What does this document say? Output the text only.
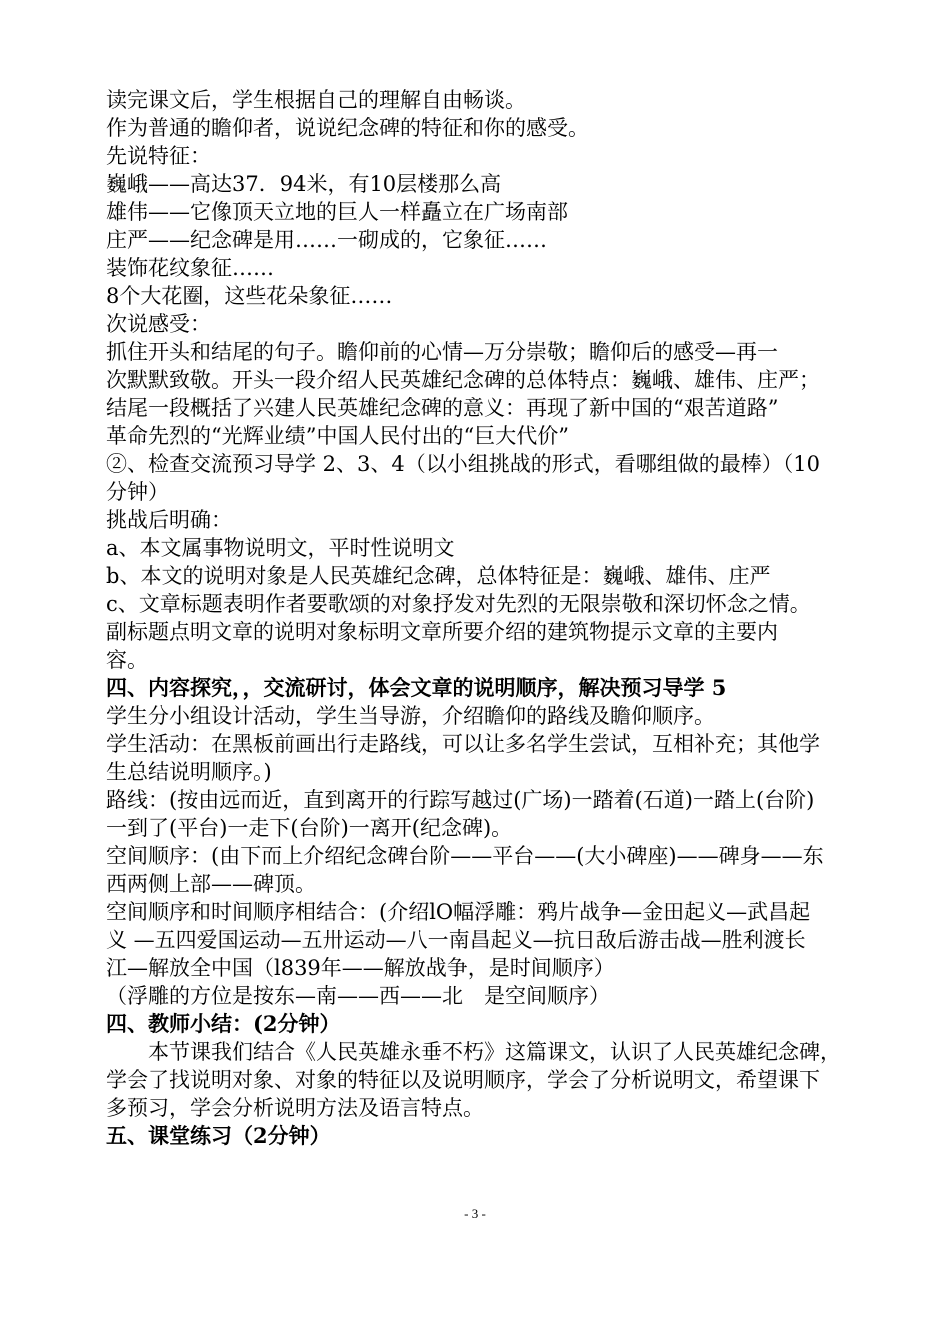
读完课文后，学生根据自己的理解自由畅谈。
作为普通的瞻仰者，说说纪念碑的特征和你的感受。
先说特征：
巍峨——高达37．94米，有10层楼那么高
雄伟——它像顶天立地的巨人一样矗立在广场南部
庄严——纪念碑是用……一砌成的，它象征……
装饰花纹象征……
8个大花圈，这些花朵象征……
次说感受：
抓住开头和结尾的句子。瞻仰前的心情—万分崇敬；瞻仰后的感受—再一
次默默致敬。开头一段介绍人民英雄纪念碑的总体特点：巍峨、雄伟、庄严；
结尾一段概括了兴建人民英雄纪念碑的意义：再现了新中国的“艰苦道路”
革命先烈的“光辉业绩”中国人民付出的“巨大代价”
②、检查交流预习导学 2、3、4（以小组挑战的形式，看哪组做的最棒）（10
分钟）
挑战后明确：
a、本文属事物说明文，平时性说明文
b、本文的说明对象是人民英雄纪念碑，总体特征是：巍峨、雄伟、庄严
c、文章标题表明作者要歌颂的对象抒发对先烈的无限崇敬和深切怀念之情。
副标题点明文章的说明对象标明文章所要介绍的建筑物提示文章的主要内
容。
四、内容探究，，交流研讨，体会文章的说明顺序，解决预习导学 5
学生分小组设计活动，学生当导游，介绍瞻仰的路线及瞻仰顺序。
学生活动：在黑板前画出行走路线，可以让多名学生尝试，互相补充；其他学
生总结说明顺序。)
路线：(按由远而近，直到离开的行踪写越过(广场)一踏着(石道)一踏上(台阶)
一到了(平台)一走下(台阶)一离开(纪念碑)。
空间顺序：(由下而上介绍纪念碑台阶——平台——(大小碑座)——碑身——东
西两侧上部——碑顶。
空间顺序和时间顺序相结合：(介绍lO幅浮雕：鸦片战争—金田起义—武昌起
义 —五四爱国运动—五卅运动—八一南昌起义—抗日敌后游击战—胜利渡长
江—解放全中国（l839年——解放战争，是时间顺序）
（浮雕的方位是按东—南——西——北　是空间顺序）
四、教师小结：(2分钟）
本节课我们结合《人民英雄永垂不朽》这篇课文，认识了人民英雄纪念碑，
学会了找说明对象、对象的特征以及说明顺序，学会了分析说明文，希望课下
多预习，学会分析说明方法及语言特点。
五、课堂练习（2分钟）
- 3 -
